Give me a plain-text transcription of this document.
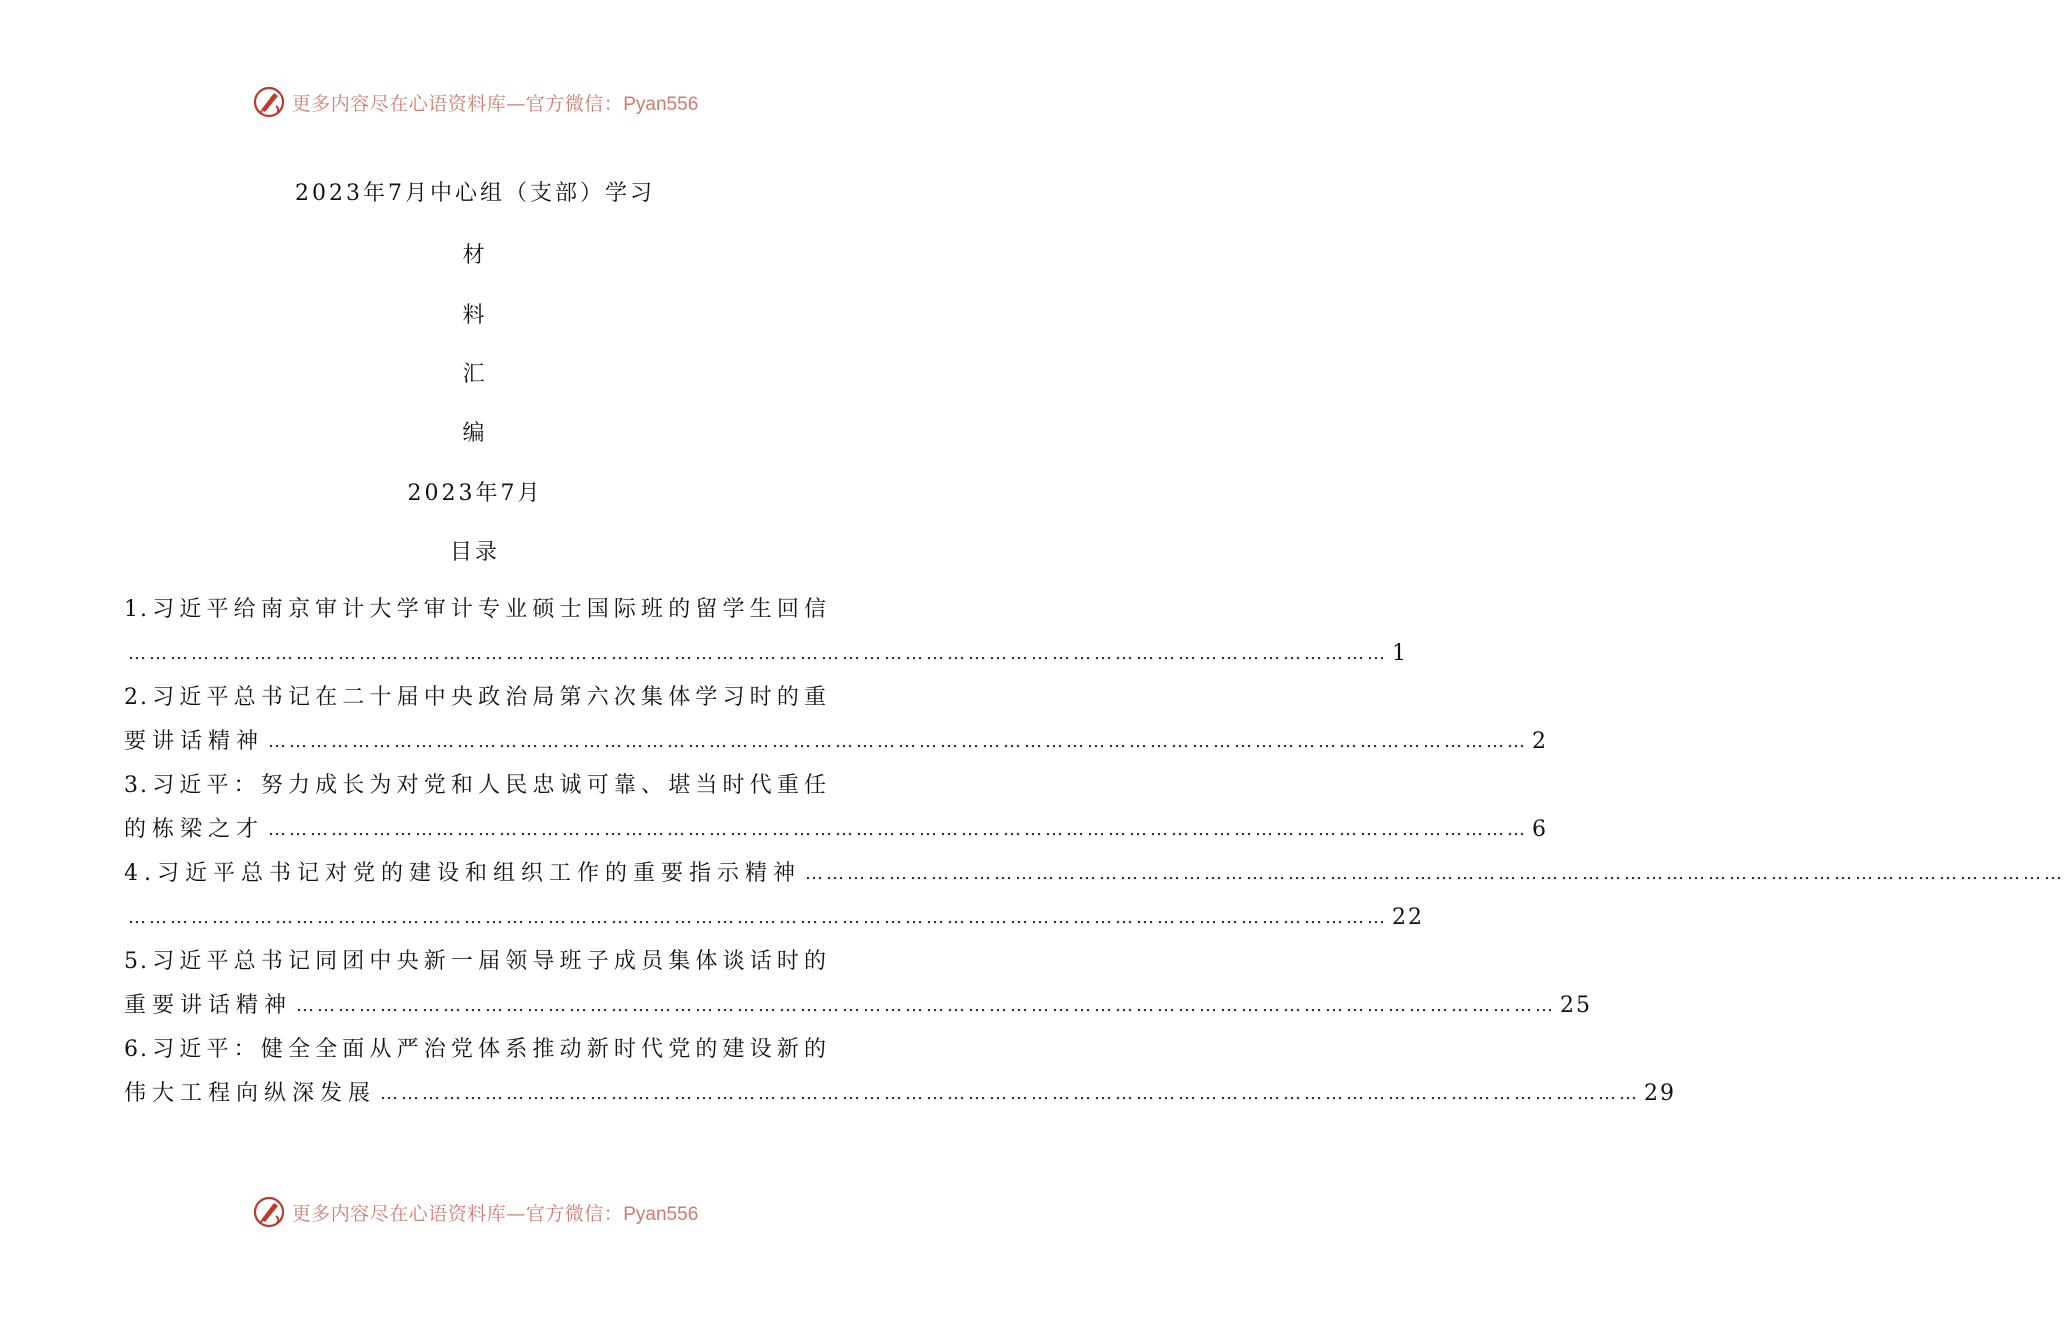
更多内容尽在心语资料库—官方微信：Pyan556
2023年7月中心组（支部）学习
材
料
汇
编
2023年7月
目录
1.习近平给南京审计大学审计专业硕士国际班的留学生回信
……………………………………………………………………………………………………………………………………………………………… 1
2.习近平总书记在二十届中央政治局第六次集体学习时的重
要讲话精神 ……………………………………………………………………………………………………………………………………………………………… 2
3.习近平：努力成长为对党和人民忠诚可靠、堪当时代重任
的栋梁之才 ……………………………………………………………………………………………………………………………………………………………… 6
4.习近平总书记对党的建设和组织工作的重要指示精神 ………………………………………………………………………………………………………………………………………………………………
……………………………………………………………………………………………………………………………………………………………… 22
5.习近平总书记同团中央新一届领导班子成员集体谈话时的
重要讲话精神 ……………………………………………………………………………………………………………………………………………………………… 25
6.习近平：健全全面从严治党体系推动新时代党的建设新的
伟大工程向纵深发展 ……………………………………………………………………………………………………………………………………………………………… 29
更多内容尽在心语资料库—官方微信：Pyan556
